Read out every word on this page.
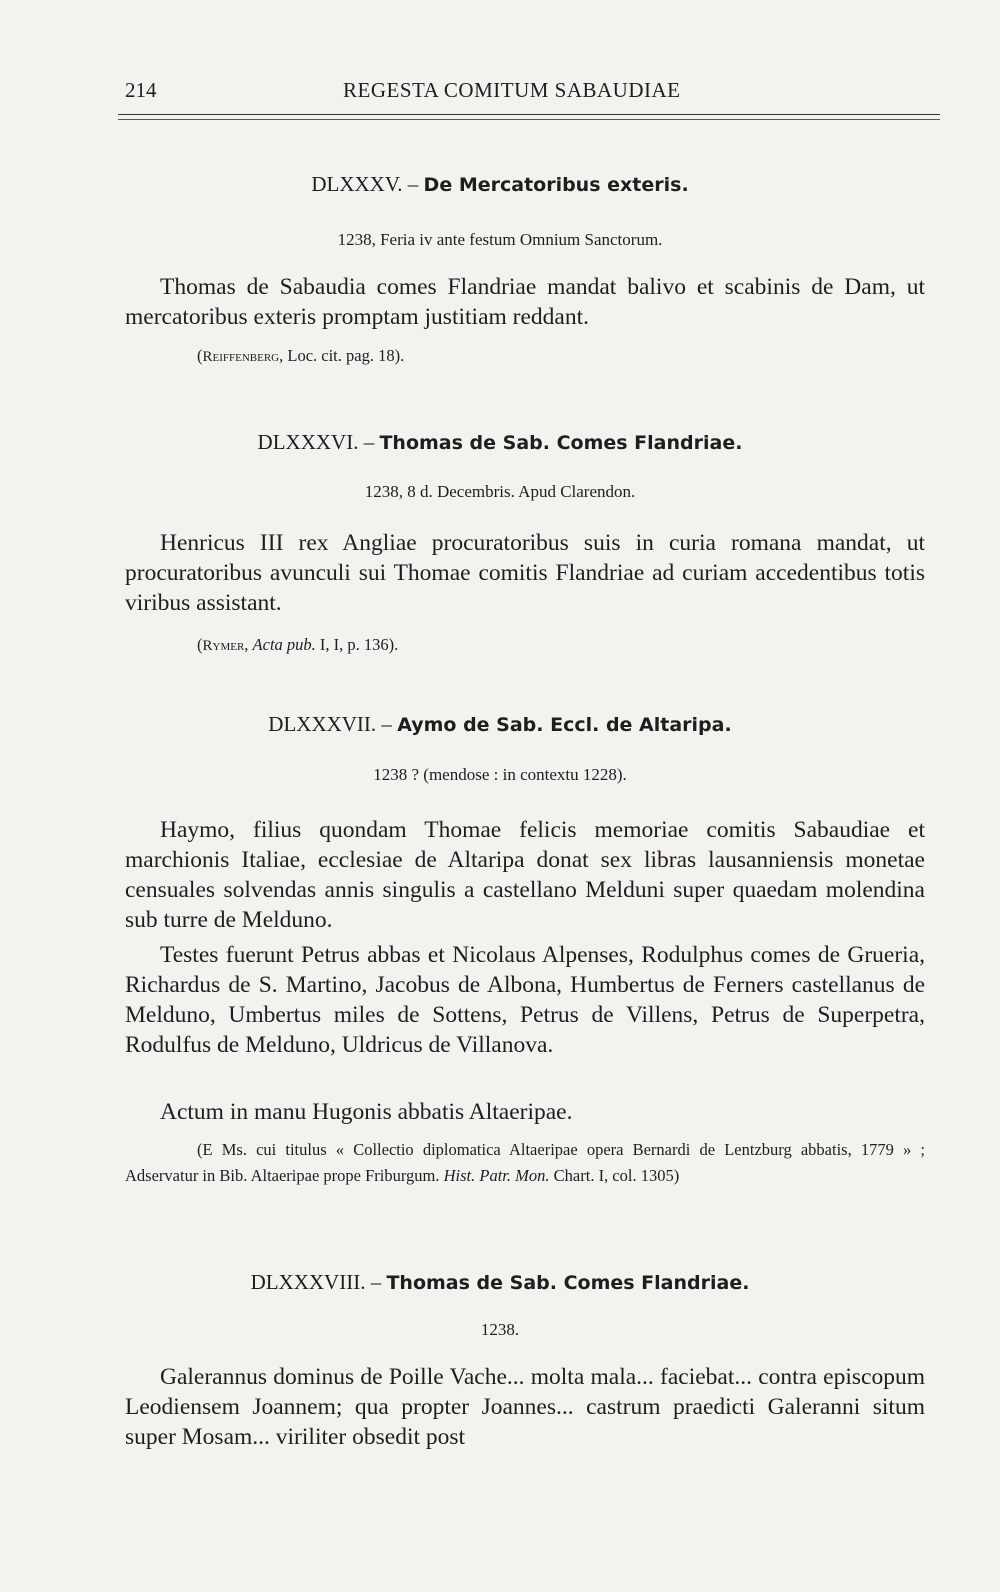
214	REGESTA COMITUM SABAUDIAE
DLXXXV. – De Mercatoribus exteris.
1238, Feria iv ante festum Omnium Sanctorum.
Thomas de Sabaudia comes Flandriae mandat balivo et scabinis de Dam, ut mercatoribus exteris promptam justitiam reddant.
(Reiffenberg, Loc. cit. pag. 18).
DLXXXVI. – Thomas de Sab. Comes Flandriae.
1238, 8 d. Decembris. Apud Clarendon.
Henricus III rex Angliae procuratoribus suis in curia romana mandat, ut procuratoribus avunculi sui Thomae comitis Flandriae ad curiam accedentibus totis viribus assistant.
(Rymer, Acta pub. I, I, p. 136).
DLXXXVII. – Aymo de Sab. Eccl. de Altaripa.
1238 ? (mendose : in contextu 1228).
Haymo, filius quondam Thomae felicis memoriae comitis Sabaudiae et marchionis Italiae, ecclesiae de Altaripa donat sex libras lausanniensis monetae censuales solvendas annis singulis a castellano Melduni super quaedam molendina sub turre de Melduno.
Testes fuerunt Petrus abbas et Nicolaus Alpenses, Rodulphus comes de Grueria, Richardus de S. Martino, Jacobus de Albona, Humbertus de Ferners castellanus de Melduno, Umbertus miles de Sottens, Petrus de Villens, Petrus de Superpetra, Rodulfus de Melduno, Uldricus de Villanova.
Actum in manu Hugonis abbatis Altaeripae.
(E Ms. cui titulus « Collectio diplomatica Altaeripae opera Bernardi de Lentzburg abbatis, 1779 » ; Adservatur in Bib. Altaeripae prope Friburgum. Hist. Patr. Mon. Chart. I, col. 1305)
DLXXXVIII. – Thomas de Sab. Comes Flandriae.
1238.
Galerannus dominus de Poille Vache... molta mala... faciebat... contra episcopum Leodiensem Joannem; qua propter Joannes... castrum praedicti Galeranni situm super Mosam... viriliter obsedit post
